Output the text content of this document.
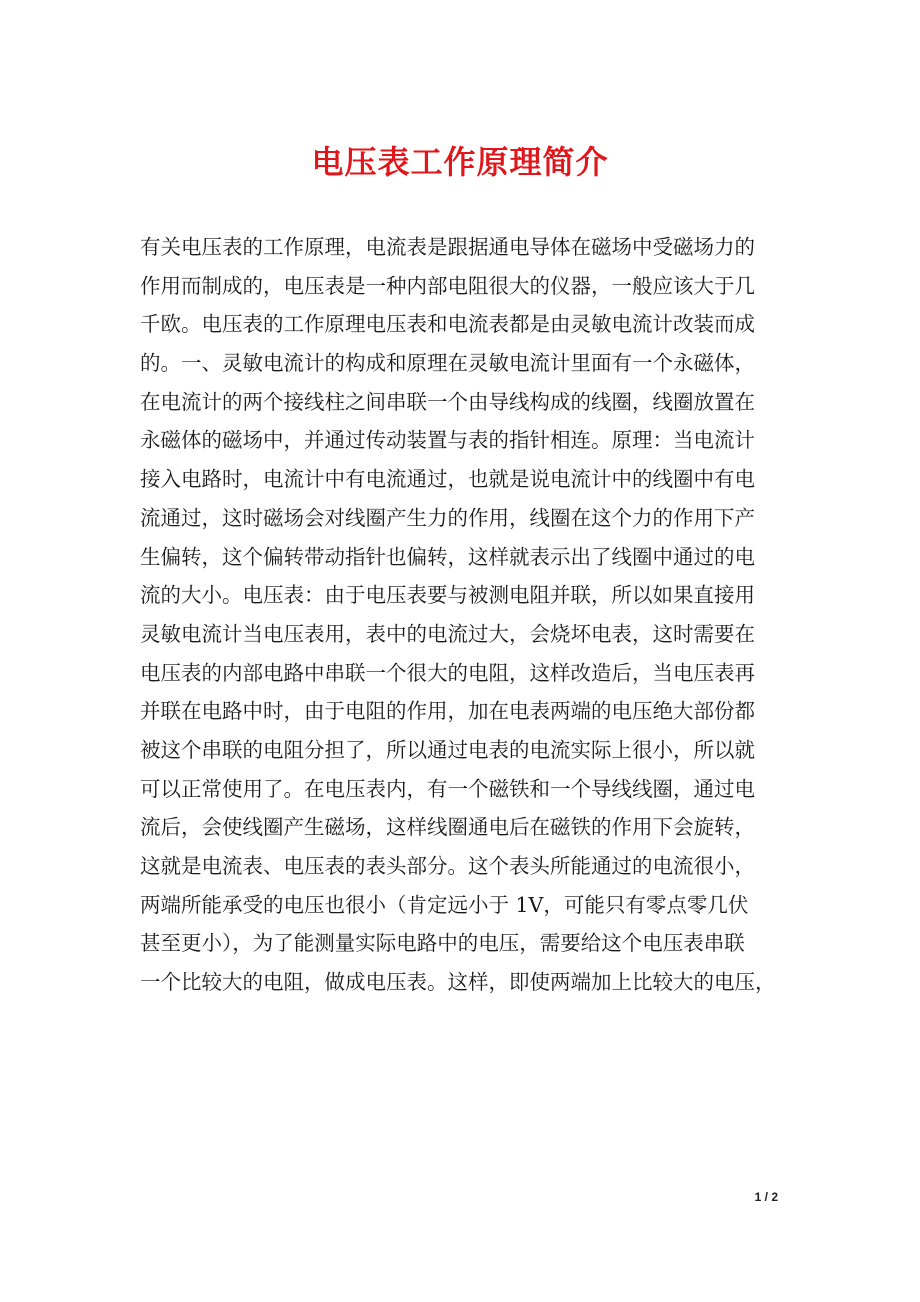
电压表工作原理简介
有关电压表的工作原理，电流表是跟据通电导体在磁场中受磁场力的
作用而制成的，电压表是一种内部电阻很大的仪器，一般应该大于几
千欧。电压表的工作原理电压表和电流表都是由灵敏电流计改装而成
的。一、灵敏电流计的构成和原理在灵敏电流计里面有一个永磁体，
在电流计的两个接线柱之间串联一个由导线构成的线圈，线圈放置在
永磁体的磁场中，并通过传动装置与表的指针相连。原理：当电流计
接入电路时，电流计中有电流通过，也就是说电流计中的线圈中有电
流通过，这时磁场会对线圈产生力的作用，线圈在这个力的作用下产
生偏转，这个偏转带动指针也偏转，这样就表示出了线圈中通过的电
流的大小。电压表：由于电压表要与被测电阻并联，所以如果直接用
灵敏电流计当电压表用，表中的电流过大，会烧坏电表，这时需要在
电压表的内部电路中串联一个很大的电阻，这样改造后，当电压表再
并联在电路中时，由于电阻的作用，加在电表两端的电压绝大部份都
被这个串联的电阻分担了，所以通过电表的电流实际上很小，所以就
可以正常使用了。在电压表内，有一个磁铁和一个导线线圈，通过电
流后，会使线圈产生磁场，这样线圈通电后在磁铁的作用下会旋转，
这就是电流表、电压表的表头部分。这个表头所能通过的电流很小，
两端所能承受的电压也很小（肯定远小于 1V，可能只有零点零几伏
甚至更小），为了能测量实际电路中的电压，需要给这个电压表串联
一个比较大的电阻，做成电压表。这样，即使两端加上比较大的电压，
1 / 2
